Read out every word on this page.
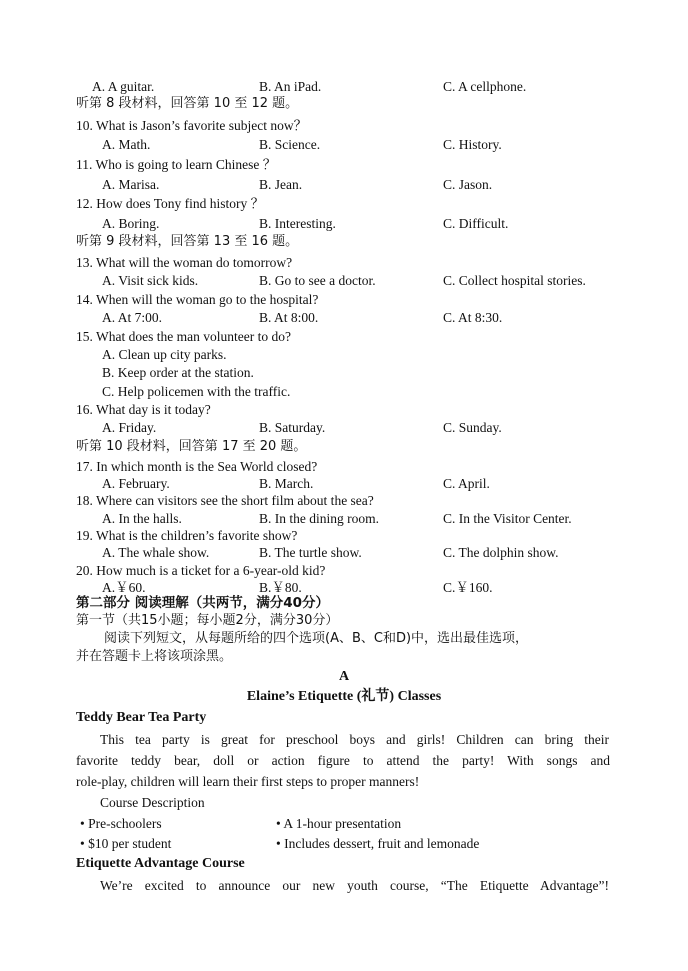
A. A guitar.	B. An iPad.	C. A cellphone.
听第 8 段材料，回答第 10 至 12 题。
10. What is Jason’s favorite subject now？
A. Math.	B. Science.	C. History.
11. Who is going to learn Chinese ？
A. Marisa.	B. Jean.	C. Jason.
12. How does Tony find history ？
A. Boring.	B. Interesting.	C. Difficult.
听第 9 段材料，回答第 13 至 16 题。
13. What will the woman do tomorrow?
A. Visit sick kids.	B. Go to see a doctor.	C. Collect hospital stories.
14. When will the woman go to the hospital?
A. At 7:00.	B. At 8:00.	C. At 8:30.
15. What does the man volunteer to do?
A. Clean up city parks.
B. Keep order at the station.
C. Help policemen with the traffic.
16. What day is it today?
A. Friday.	B. Saturday.	C. Sunday.
听第 10 段材料，回答第 17 至 20 题。
17. In which month is the Sea World closed?
A. February.	B. March.	C. April.
18. Where can visitors see the short film about the sea?
A. In the halls.	B. In the dining room.	C. In the Visitor Center.
19. What is the children’s favorite show?
A. The whale show.	B. The turtle show.	C. The dolphin show.
20. How much is a ticket for a 6-year-old kid?
A.￥60.	B.￥80.	C.￥160.
第二部分 阅读理解（共两节，满分40分）
第一节（共15小题；每小题2分，满分30分）
阅读下列短文，从每题所给的四个选项(A、B、C和D)中，选出最佳选项，
并在答题卡上将该项涂黑。
A
Elaine’s Etiquette (礼节) Classes
Teddy Bear Tea Party
This tea party is great for preschool boys and girls! Children can bring their
favorite teddy bear, doll or action figure to attend the party! With songs and
role-play, children will learn their first steps to proper manners!
Course Description
• Pre-schoolers
• $10 per student
• A 1-hour presentation
• Includes dessert, fruit and lemonade
Etiquette Advantage Course
We’re excited to announce our new youth course, “The Etiquette Advantage”!
